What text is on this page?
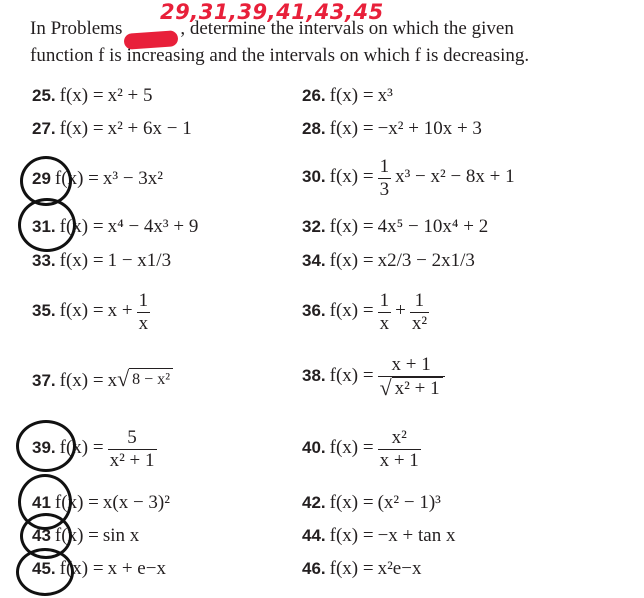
In Problems	, determine the intervals on which the given
29,31,39,41,43,45
function f is increasing and the intervals on which f is decreasing.
25. f(x) = x² + 5	26. f(x) = x³
27. f(x) = x² + 6x − 1	28. f(x) = −x² + 10x + 3
29 f(x) = x³ − 3x²	30. $f(x) = \frac{1}{3} x^3 - x^2 - 8x + 1$
31. f(x) = x⁴ − 4x³ + 9	32. f(x) = 4x⁵ − 10x⁴ + 2
33. f(x) = 1 − x1/3	34. f(x) = x2/3 − 2x1/3
35. $f(x) = x + \frac{1}{x}$	36. $f(x) = \frac{1}{x} + \frac{1}{\text{x²}}$
37. f(x) = x √ 8 − x²	38. $f(x) = \frac{x + 1}{\text{√ x² + 1}}$
39. $f(x) = \frac{5}{\text{x² + 1}}$	40. $f(x) = \frac{\text{x²}}{x + 1}$
41 f(x) = x(x − 3)²	42. f(x) = (x² − 1)³
43 f(x) = sin x	44. f(x) = −x + tan x
45. f(x) = x + e−x	46. f(x) = x²e−x
